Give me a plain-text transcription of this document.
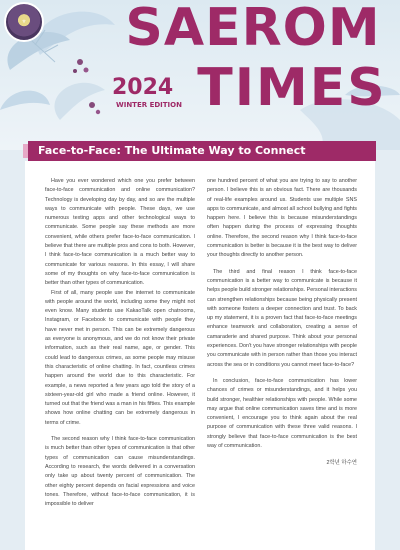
⚜	SAEROM
2024
WINTER EDITION TIMES
Face-to-Face: The Ultimate Way to Connect

Have you ever wondered which one you prefer between face-to-face communication and online communication? Technology is developing day by day, and so are the multiple ways to communicate with people. These days, we use numerous texting apps and other technological ways to communicate. Some people say these methods are more convenient, while others prefer face-to-face communication. I believe that there are multiple pros and cons to both. However, I think face-to-face communication is a much better way to communicate for various reasons. In this essay, I will share some of my thoughts on why face-to-face communication is better than other types of communication.

First of all, many people use the internet to communicate with people around the world, including some they might not even know. Many students use KakaoTalk open chatrooms, Instagram, or Facebook to communicate with people they have never met in person. This can be extremely dangerous as everyone is anonymous, and we do not know their private information, such as their real name, age, or gender. This could lead to dangerous crimes, as some people may misuse this characteristic of online chatting. In fact, countless crimes happen around the world due to this characteristic. For example, a news reported a few years ago told the story of a sixteen-year-old girl who made a friend online. However, it turned out that the friend was a man in his fifties. This example shows how online chatting can be extremely dangerous in terms of crime.

The second reason why I think face-to-face communication is much better than other types of communication is that other types of communication can cause misunderstandings. According to research, the words delivered in a conversation only take up about twenty percent of communication. The other eighty percent depends on facial expressions and voice tones. Therefore, without face-to-face communication, it is impossible to deliver

one hundred percent of what you are trying to say to another person. I believe this is an obvious fact. There are thousands of real-life examples around us. Students use multiple SNS apps to communicate, and almost all school bullying and fights happen here. I believe this is because misunderstandings often happen during the process of expressing thoughts online. Therefore, the second reason why I think face-to-face communication is better is because it is the best way to deliver your thoughts directly to another person.

The third and final reason I think face-to-face communication is a better way to communicate is because it helps people build stronger relationships. Personal interactions can strengthen relationships because being physically present with someone fosters a deeper connection and trust. To back up my statement, it is a proven fact that face-to-face meetings enhance teamwork and collaboration, creating a sense of camaraderie and shared purpose. Think about your personal experiences. Don't you have stronger relationships with people you communicate with in person rather than those you interact across the sea or in conditions you cannot meet face-to-face?

In conclusion, face-to-face communication has lower chances of crimes or misunderstandings, and it helps you build stronger, healthier relationships with people. While some may argue that online communication saves time and is more convenient, I encourage you to think again about the real purpose of communication with these three valid reasons. I strongly believe that face-to-face communication is the best way of communication.

2학년 하수연
